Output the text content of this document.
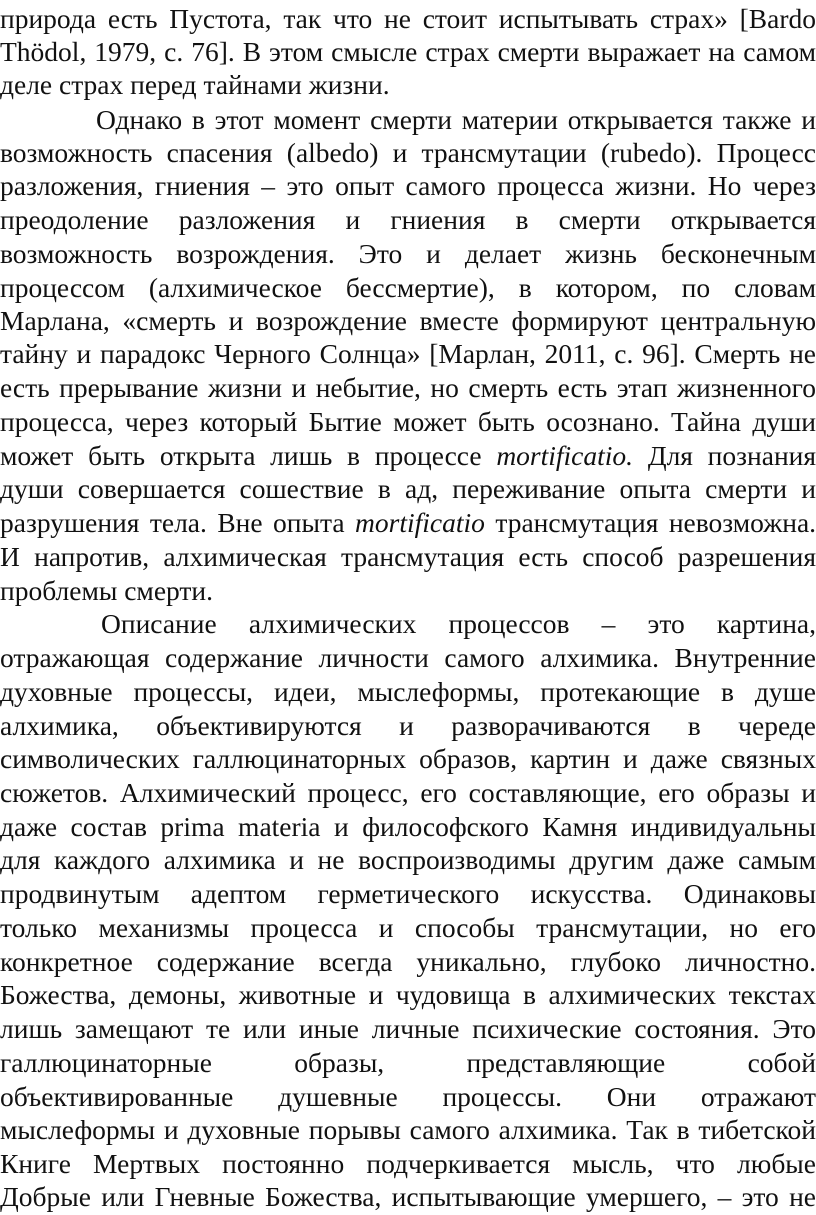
природа есть Пустота, так что не стоит испытывать страх» [Bardo

Thödol, 1979, с. 76]. В этом смысле страх смерти выражает на самом

деле страх перед тайнами жизни.

Однако в этот момент смерти материи открывается также и

возможность спасения (albedo) и трансмутации (rubedo). Процесс

разложения, гниения – это опыт самого процесса жизни. Но через

преодоление разложения и гниения в смерти открывается

возможность возрождения. Это и делает жизнь бесконечным

процессом (алхимическое бессмертие), в котором, по словам

Марлана, «смерть и возрождение вместе формируют центральную

тайну и парадокс Черного Солнца» [Марлан, 2011, с. 96]. Смерть не

есть прерывание жизни и небытие, но смерть есть этап жизненного

процесса, через который Бытие может быть осознано. Тайна души

может быть открыта лишь в процессе mortificatio. Для познания

души совершается сошествие в ад, переживание опыта смерти и

разрушения тела. Вне опыта mortificatio трансмутация невозможна.

И напротив, алхимическая трансмутация есть способ разрешения

проблемы смерти.

Описание алхимических процессов – это картина,

отражающая содержание личности самого алхимика. Внутренние

духовные процессы, идеи, мыслеформы, протекающие в душе

алхимика, объективируются и разворачиваются в череде

символических галлюцинаторных образов, картин и даже связных

сюжетов. Алхимический процесс, его составляющие, его образы и

даже состав prima materia и философского Камня индивидуальны

для каждого алхимика и не воспроизводимы другим даже самым

продвинутым адептом герметического искусства. Одинаковы

только механизмы процесса и способы трансмутации, но его

конкретное содержание всегда уникально, глубоко личностно.

Божества, демоны, животные и чудовища в алхимических текстах

лишь замещают те или иные личные психические состояния. Это

галлюцинаторные образы, представляющие собой

объективированные душевные процессы. Они отражают

мыслеформы и духовные порывы самого алхимика. Так в тибетской

Книге Мертвых постоянно подчеркивается мысль, что любые

Добрые или Гневные Божества, испытывающие умершего, – это не
